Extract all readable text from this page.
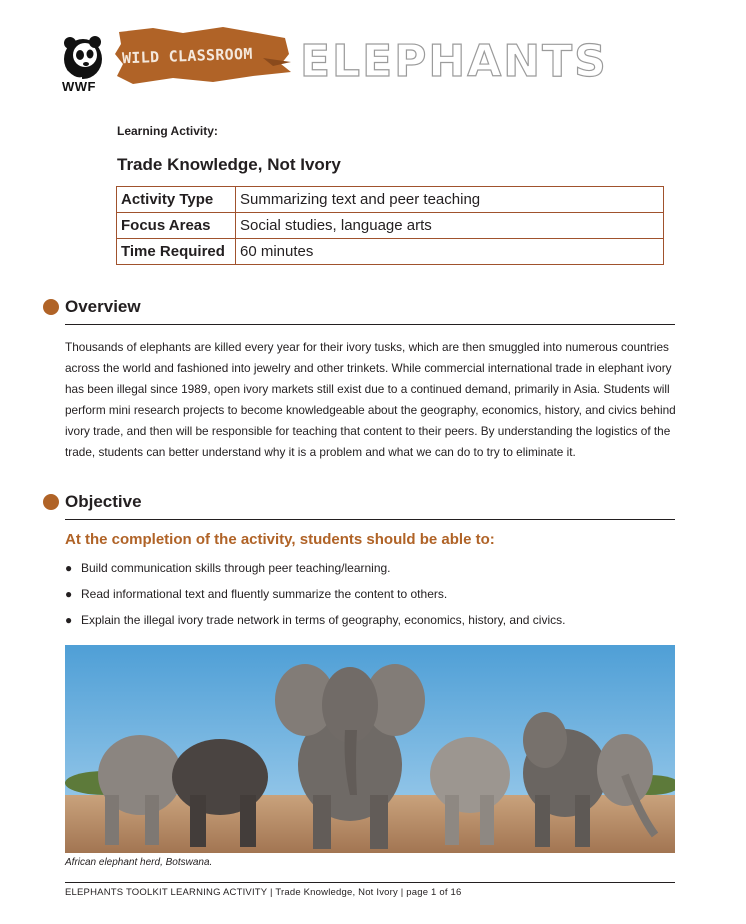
WWF
WILD CLASSROOM ELEPHANTS
Learning Activity:
Trade Knowledge, Not Ivory
Activity Type	Summarizing text and peer teaching
Focus Areas	Social studies, language arts
Time Required	60 minutes
Overview
Thousands of elephants are killed every year for their ivory tusks, which are then smuggled into numerous countries across the world and fashioned into jewelry and other trinkets. While commercial international trade in elephant ivory has been illegal since 1989, open ivory markets still exist due to a continued demand, primarily in Asia. Students will perform mini research projects to become knowledgeable about the geography, economics, history, and civics behind ivory trade, and then will be responsible for teaching that content to their peers. By understanding the logistics of the trade, students can better understand why it is a problem and what we can do to try to eliminate it.
Objective
At the completion of the activity, students should be able to:
● Build communication skills through peer teaching/learning.
● Read informational text and fluently summarize the content to others.
● Explain the illegal ivory trade network in terms of geography, economics, history, and civics.
African elephant herd, Botswana.
ELEPHANTS TOOLKIT LEARNING ACTIVITY | Trade Knowledge, Not Ivory | page 1 of 16
